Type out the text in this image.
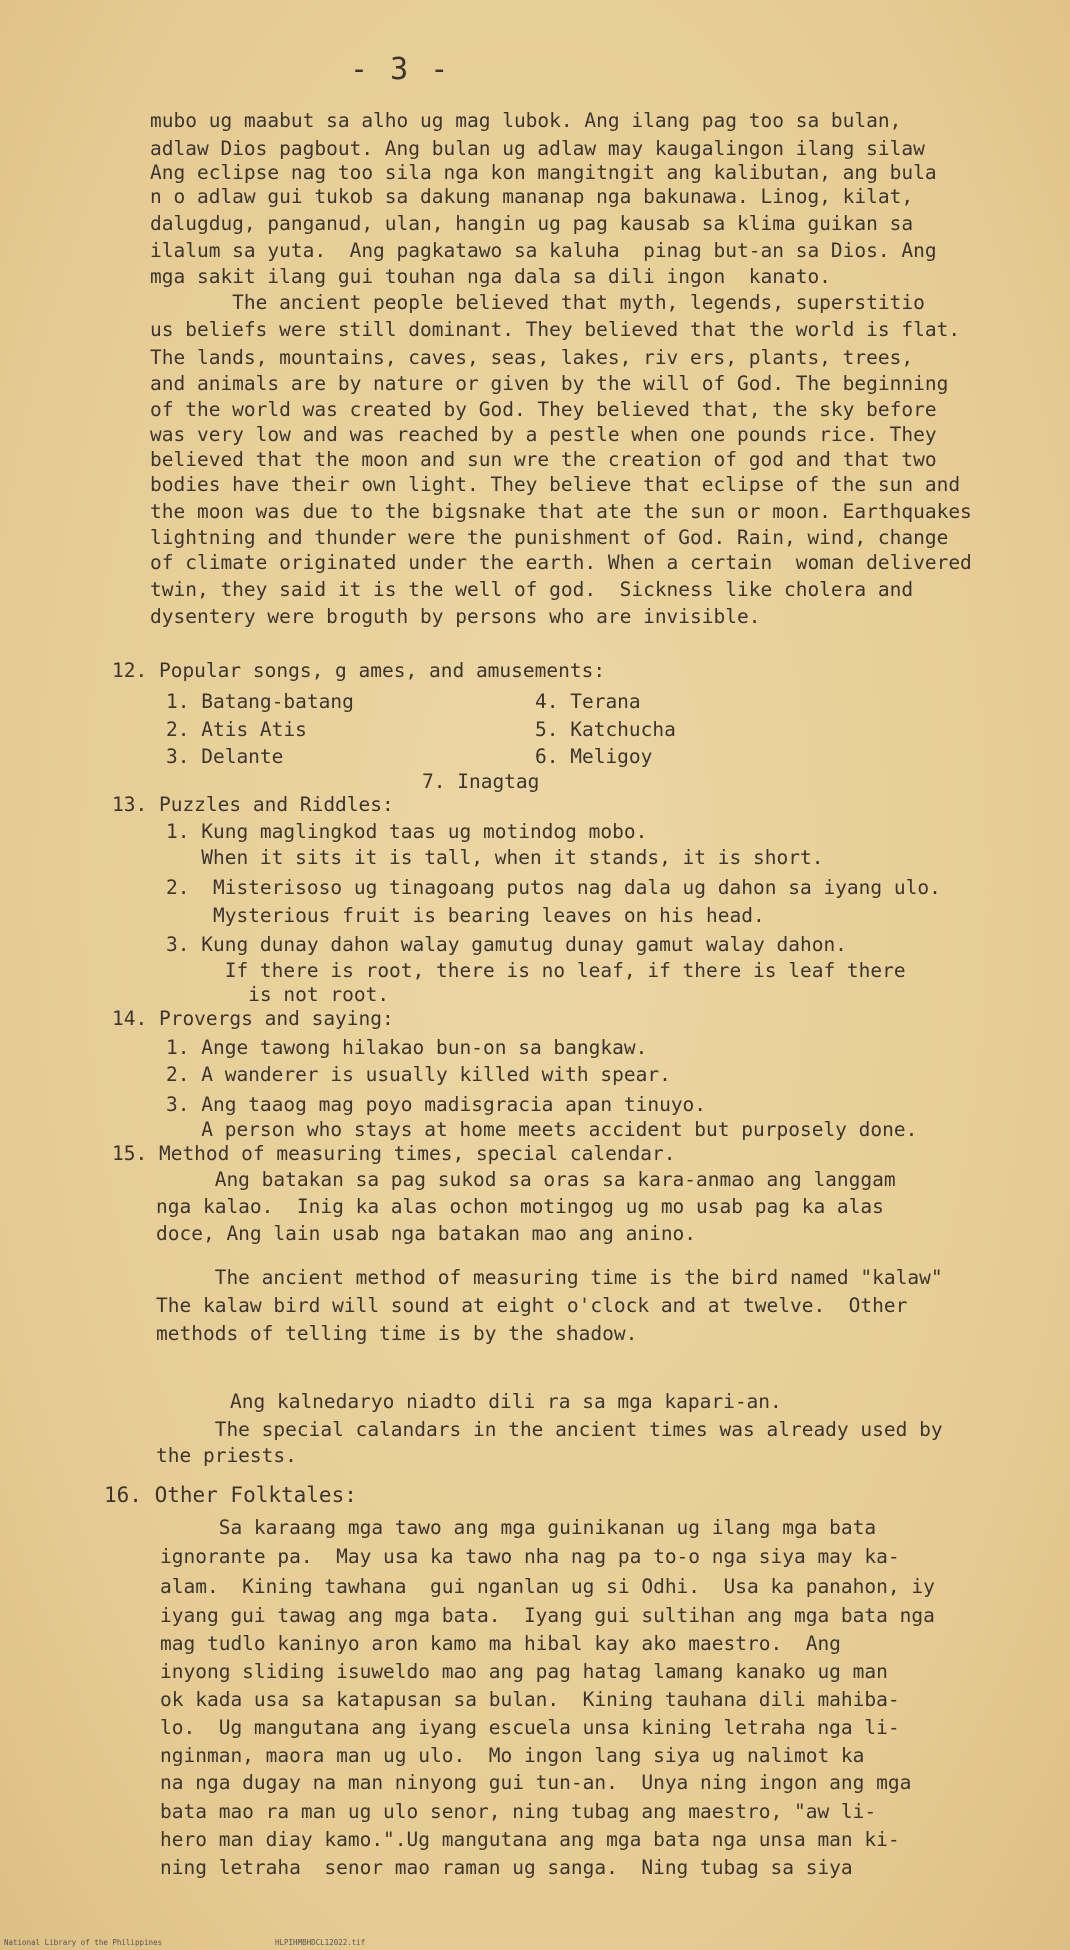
- 3 -
mubo ug maabut sa alho ug mag lubok. Ang ilang pag too sa bulan,
adlaw Dios pagbout. Ang bulan ug adlaw may kaugalingon ilang silaw
Ang eclipse nag too sila nga kon mangitngit ang kalibutan, ang bula
n o adlaw gui tukob sa dakung mananap nga bakunawa. Linog, kilat,
dalugdug, panganud, ulan, hangin ug pag kausab sa klima guikan sa
ilalum sa yuta.  Ang pagkatawo sa kaluha  pinag but-an sa Dios. Ang
mga sakit ilang gui touhan nga dala sa dili ingon  kanato.
The ancient people believed that myth, legends, superstitio
us beliefs were still dominant. They believed that the world is flat.
The lands, mountains, caves, seas, lakes, riv ers, plants, trees,
and animals are by nature or given by the will of God. The beginning
of the world was created by God. They believed that, the sky before
was very low and was reached by a pestle when one pounds rice. They
believed that the moon and sun wre the creation of god and that two
bodies have their own light. They believe that eclipse of the sun and
the moon was due to the bigsnake that ate the sun or moon. Earthquakes
lightning and thunder were the punishment of God. Rain, wind, change
of climate originated under the earth. When a certain  woman delivered
twin, they said it is the well of god.  Sickness like cholera and
dysentery were broguth by persons who are invisible.
12. Popular songs, g ames, and amusements:
1. Batang-batang
2. Atis Atis
3. Delante
4. Terana
5. Katchucha
6. Meligoy
7. Inagtag
13. Puzzles and Riddles:
1. Kung maglingkod taas ug motindog mobo.
When it sits it is tall, when it stands, it is short.
2.  Misterisoso ug tinagoang putos nag dala ug dahon sa iyang ulo.
Mysterious fruit is bearing leaves on his head.
3. Kung dunay dahon walay gamutug dunay gamut walay dahon.
If there is root, there is no leaf, if there is leaf there
is not root.
14. Provergs and saying:
1. Ange tawong hilakao bun-on sa bangkaw.
2. A wanderer is usually killed with spear.
3. Ang taaog mag poyo madisgracia apan tinuyo.
A person who stays at home meets accident but purposely done.
15. Method of measuring times, special calendar.
Ang batakan sa pag sukod sa oras sa kara-anmao ang langgam
nga kalao.  Inig ka alas ochon motingog ug mo usab pag ka alas
doce, Ang lain usab nga batakan mao ang anino.
The ancient method of measuring time is the bird named "kalaw"
The kalaw bird will sound at eight o'clock and at twelve.  Other
methods of telling time is by the shadow.
Ang kalnedaryo niadto dili ra sa mga kapari-an.
The special calandars in the ancient times was already used by
the priests.
16. Other Folktales:
Sa karaang mga tawo ang mga guinikanan ug ilang mga bata
ignorante pa.  May usa ka tawo nha nag pa to-o nga siya may ka-
alam.  Kining tawhana  gui nganlan ug si Odhi.  Usa ka panahon, iy
iyang gui tawag ang mga bata.  Iyang gui sultihan ang mga bata nga
mag tudlo kaninyo aron kamo ma hibal kay ako maestro.  Ang
inyong sliding isuweldo mao ang pag hatag lamang kanako ug man
ok kada usa sa katapusan sa bulan.  Kining tauhana dili mahiba-
lo.  Ug mangutana ang iyang escuela unsa kining letraha nga li-
nginman, maora man ug ulo.  Mo ingon lang siya ug nalimot ka
na nga dugay na man ninyong gui tun-an.  Unya ning ingon ang mga
bata mao ra man ug ulo senor, ning tubag ang maestro, "aw li-
hero man diay kamo.".Ug mangutana ang mga bata nga unsa man ki-
ning letraha  senor mao raman ug sanga.  Ning tubag sa siya
National Library of the Philippines	HLPIHMBHDCL12022.tif
